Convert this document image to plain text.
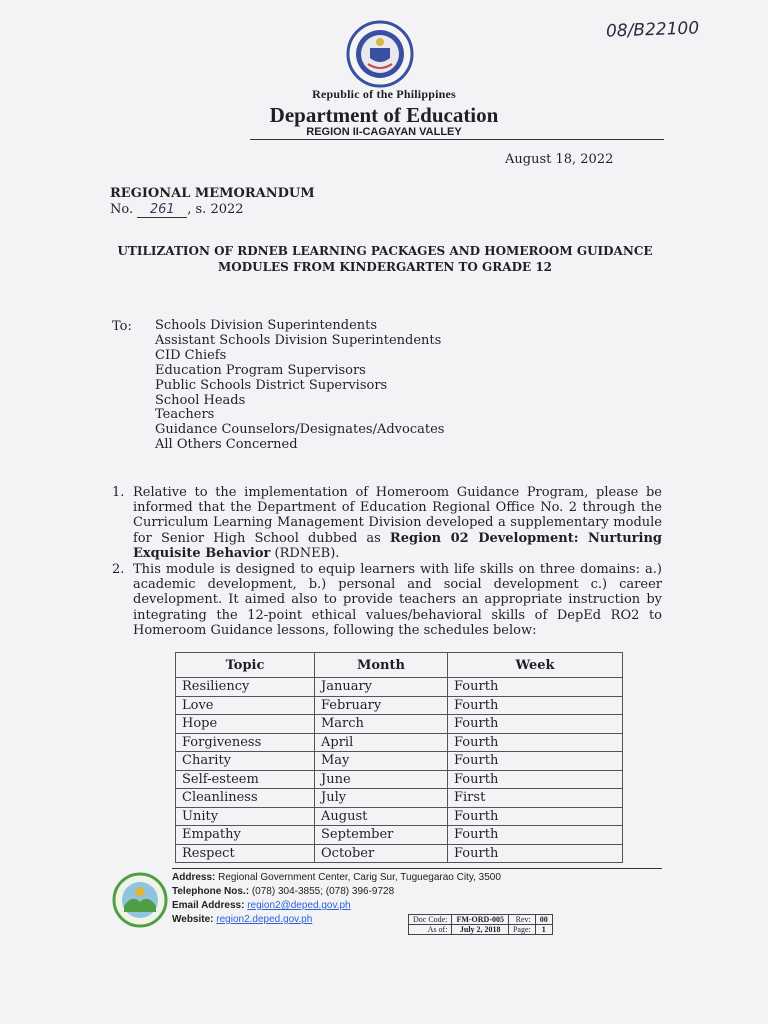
08/B22100
Republic of the Philippines
Department of Education
REGION II-CAGAYAN VALLEY
August 18, 2022
REGIONAL MEMORANDUM
No. 261 , s. 2022
UTILIZATION OF RDNEB LEARNING PACKAGES AND HOMEROOM GUIDANCE MODULES FROM KINDERGARTEN TO GRADE 12
To: Schools Division Superintendents
Assistant Schools Division Superintendents
CID Chiefs
Education Program Supervisors
Public Schools District Supervisors
School Heads
Teachers
Guidance Counselors/Designates/Advocates
All Others Concerned
1. Relative to the implementation of Homeroom Guidance Program, please be informed that the Department of Education Regional Office No. 2 through the Curriculum Learning Management Division developed a supplementary module for Senior High School dubbed as Region 02 Development: Nurturing Exquisite Behavior (RDNEB).
2. This module is designed to equip learners with life skills on three domains: a.) academic development, b.) personal and social development c.) career development. It aimed also to provide teachers an appropriate instruction by integrating the 12-point ethical values/behavioral skills of DepEd RO2 to Homeroom Guidance lessons, following the schedules below:
Topic	Month	Week
Resiliency	January	Fourth
Love	February	Fourth
Hope	March	Fourth
Forgiveness	April	Fourth
Charity	May	Fourth
Self-esteem	June	Fourth
Cleanliness	July	First
Unity	August	Fourth
Empathy	September	Fourth
Respect	October	Fourth
Address: Regional Government Center, Carig Sur, Tuguegarao City, 3500
Telephone Nos.: (078) 304-3855; (078) 396-9728
Email Address: region2@deped.gov.ph
Website: region2.deped.gov.ph	Doc Code:	FM-ORD-005	Rev:	00
As of:	July 2, 2018	Page:	1
